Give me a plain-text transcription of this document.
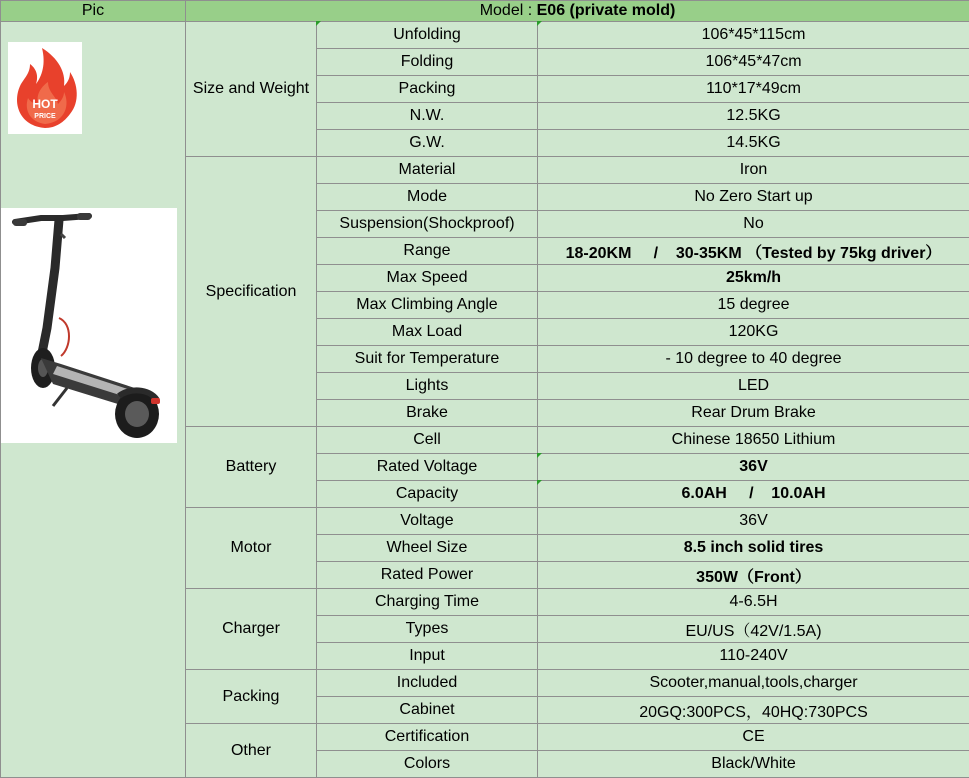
Pic	Model : E06 (private mold)		

HOT
PRICE	Size and Weight	Unfolding	106*45*115cm
		Folding	106*45*47cm
		Packing	110*17*49cm
		N.W.	12.5KG
		G.W.	14.5KG
	Specification	Material	Iron
		Mode	No Zero Start up
		Suspension(Shockproof)	No
		Range	18-20KM     /    30-35KM （Tested by 75kg driver）
		Max Speed	25km/h
		Max Climbing Angle	15 degree
		Max Load	120KG
		Suit for Temperature	- 10 degree to 40 degree
		Lights	LED
		Brake	Rear Drum Brake
	Battery	Cell	Chinese 18650 Lithium
		Rated Voltage	36V
		Capacity	6.0AH     /    10.0AH
	Motor	Voltage	36V
		Wheel Size	8.5 inch solid tires
		Rated Power	350W（Front）
	Charger	Charging Time	4-6.5H
		Types	EU/US（42V/1.5A)
		Input	110-240V
	Packing	Included	Scooter,manual,tools,charger
		Cabinet	20GQ:300PCS，40HQ:730PCS
	Other	Certification	CE
		Colors	Black/White
